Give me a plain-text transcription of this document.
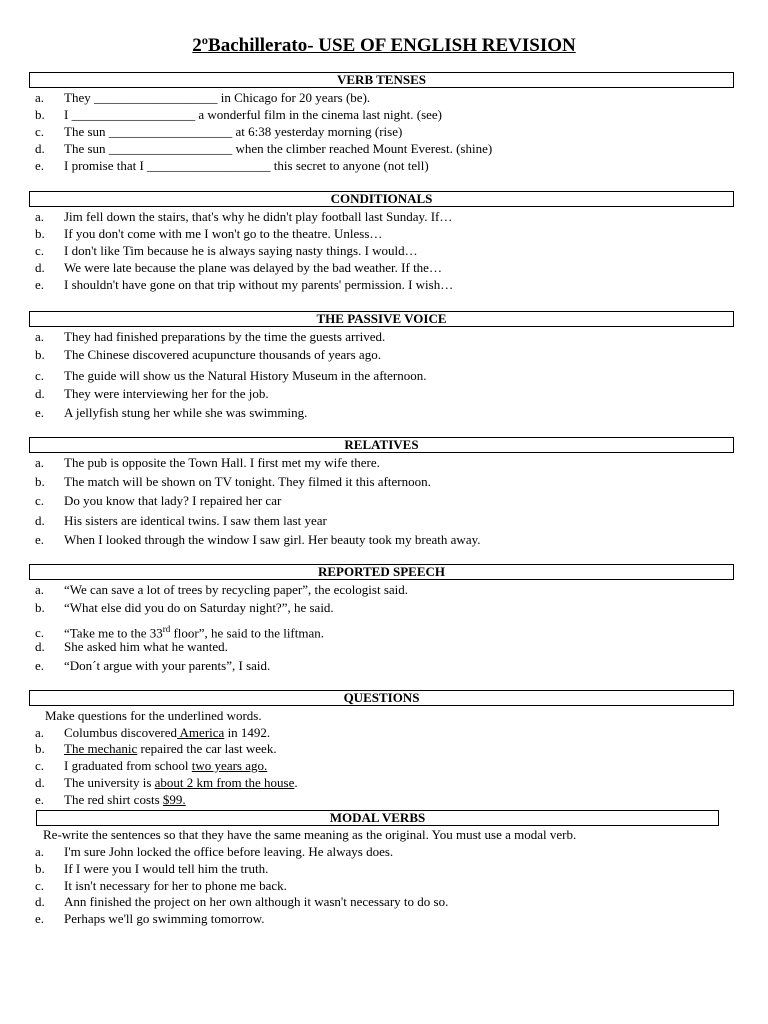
2ºBachillerato- USE OF ENGLISH REVISION
VERB TENSES
a. They ___________________ in Chicago for 20 years (be).
b. I ___________________ a wonderful film in the cinema last night. (see)
c. The sun ___________________ at 6:38 yesterday morning (rise)
d. The sun ___________________ when the climber reached Mount Everest. (shine)
e. I promise that I ___________________ this secret to anyone (not tell)
CONDITIONALS
a. Jim fell down the stairs, that's why he didn't play football last Sunday. If…
b. If you don't come with me I won't go to the theatre. Unless…
c. I don't like Tim because he is always saying nasty things. I would…
d. We were late because the plane was delayed by the bad weather. If the…
e. I shouldn't have gone on that trip without my parents' permission. I wish…
THE PASSIVE VOICE
a. They had finished preparations by the time the guests arrived.
b. The Chinese discovered acupuncture thousands of years ago.
c. The guide will show us the Natural History Museum in the afternoon.
d. They were interviewing her for the job.
e. A jellyfish stung her while she was swimming.
RELATIVES
a. The pub is opposite the Town Hall. I first met my wife there.
b. The match will be shown on TV tonight. They filmed it this afternoon.
c. Do you know that lady? I repaired her car
d. His sisters are identical twins. I saw them last year
e. When I looked through the window I saw girl. Her beauty took my breath away.
REPORTED SPEECH
a. “We can save a lot of trees by recycling paper”, the ecologist said.
b. “What else did you do on Saturday night?”, he said.
c. “Take me to the 33rd floor”, he said to the liftman.
d. She asked him what he wanted.
e. “Don´t argue with your parents”, I said.
QUESTIONS
Make questions for the underlined words.
a. Columbus discovered America in 1492.
b. The mechanic repaired the car last week.
c. I graduated from school two years ago.
d. The university is about 2 km from the house.
e. The red shirt costs $99.
MODAL VERBS
Re-write the sentences so that they have the same meaning as the original. You must use a modal verb.
a. I'm sure John locked the office before leaving. He always does.
b. If I were you I would tell him the truth.
c. It isn't necessary for her to phone me back.
d. Ann finished the project on her own although it wasn't necessary to do so.
e. Perhaps we'll go swimming tomorrow.
